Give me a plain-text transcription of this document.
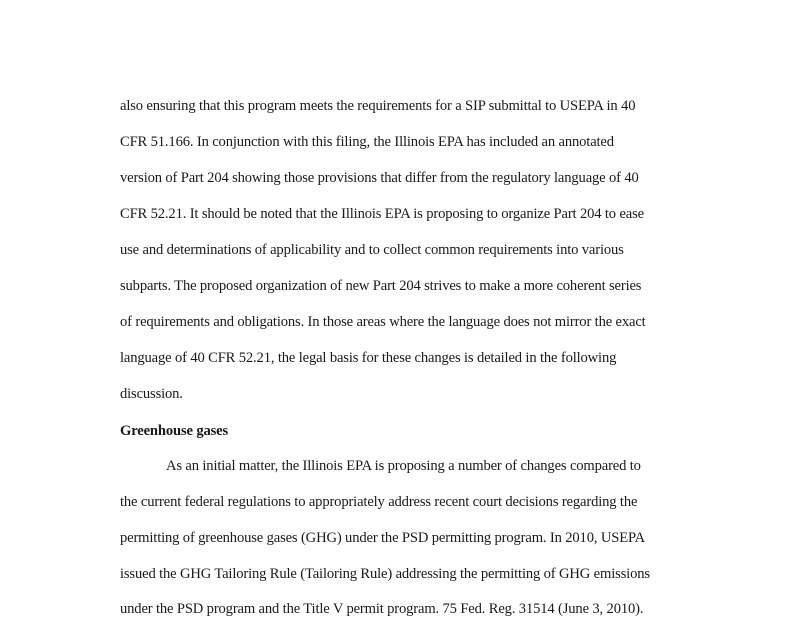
also ensuring that this program meets the requirements for a SIP submittal to USEPA in 40
CFR 51.166. In conjunction with this filing, the Illinois EPA has included an annotated
version of Part 204 showing those provisions that differ from the regulatory language of 40
CFR 52.21. It should be noted that the Illinois EPA is proposing to organize Part 204 to ease
use and determinations of applicability and to collect common requirements into various
subparts. The proposed organization of new Part 204 strives to make a more coherent series
of requirements and obligations. In those areas where the language does not mirror the exact
language of 40 CFR 52.21, the legal basis for these changes is detailed in the following
discussion.
Greenhouse gases
As an initial matter, the Illinois EPA is proposing a number of changes compared to
the current federal regulations to appropriately address recent court decisions regarding the
permitting of greenhouse gases (GHG) under the PSD permitting program. In 2010, USEPA
issued the GHG Tailoring Rule (Tailoring Rule) addressing the permitting of GHG emissions
under the PSD program and the Title V permit program. 75 Fed. Reg. 31514 (June 3, 2010).
